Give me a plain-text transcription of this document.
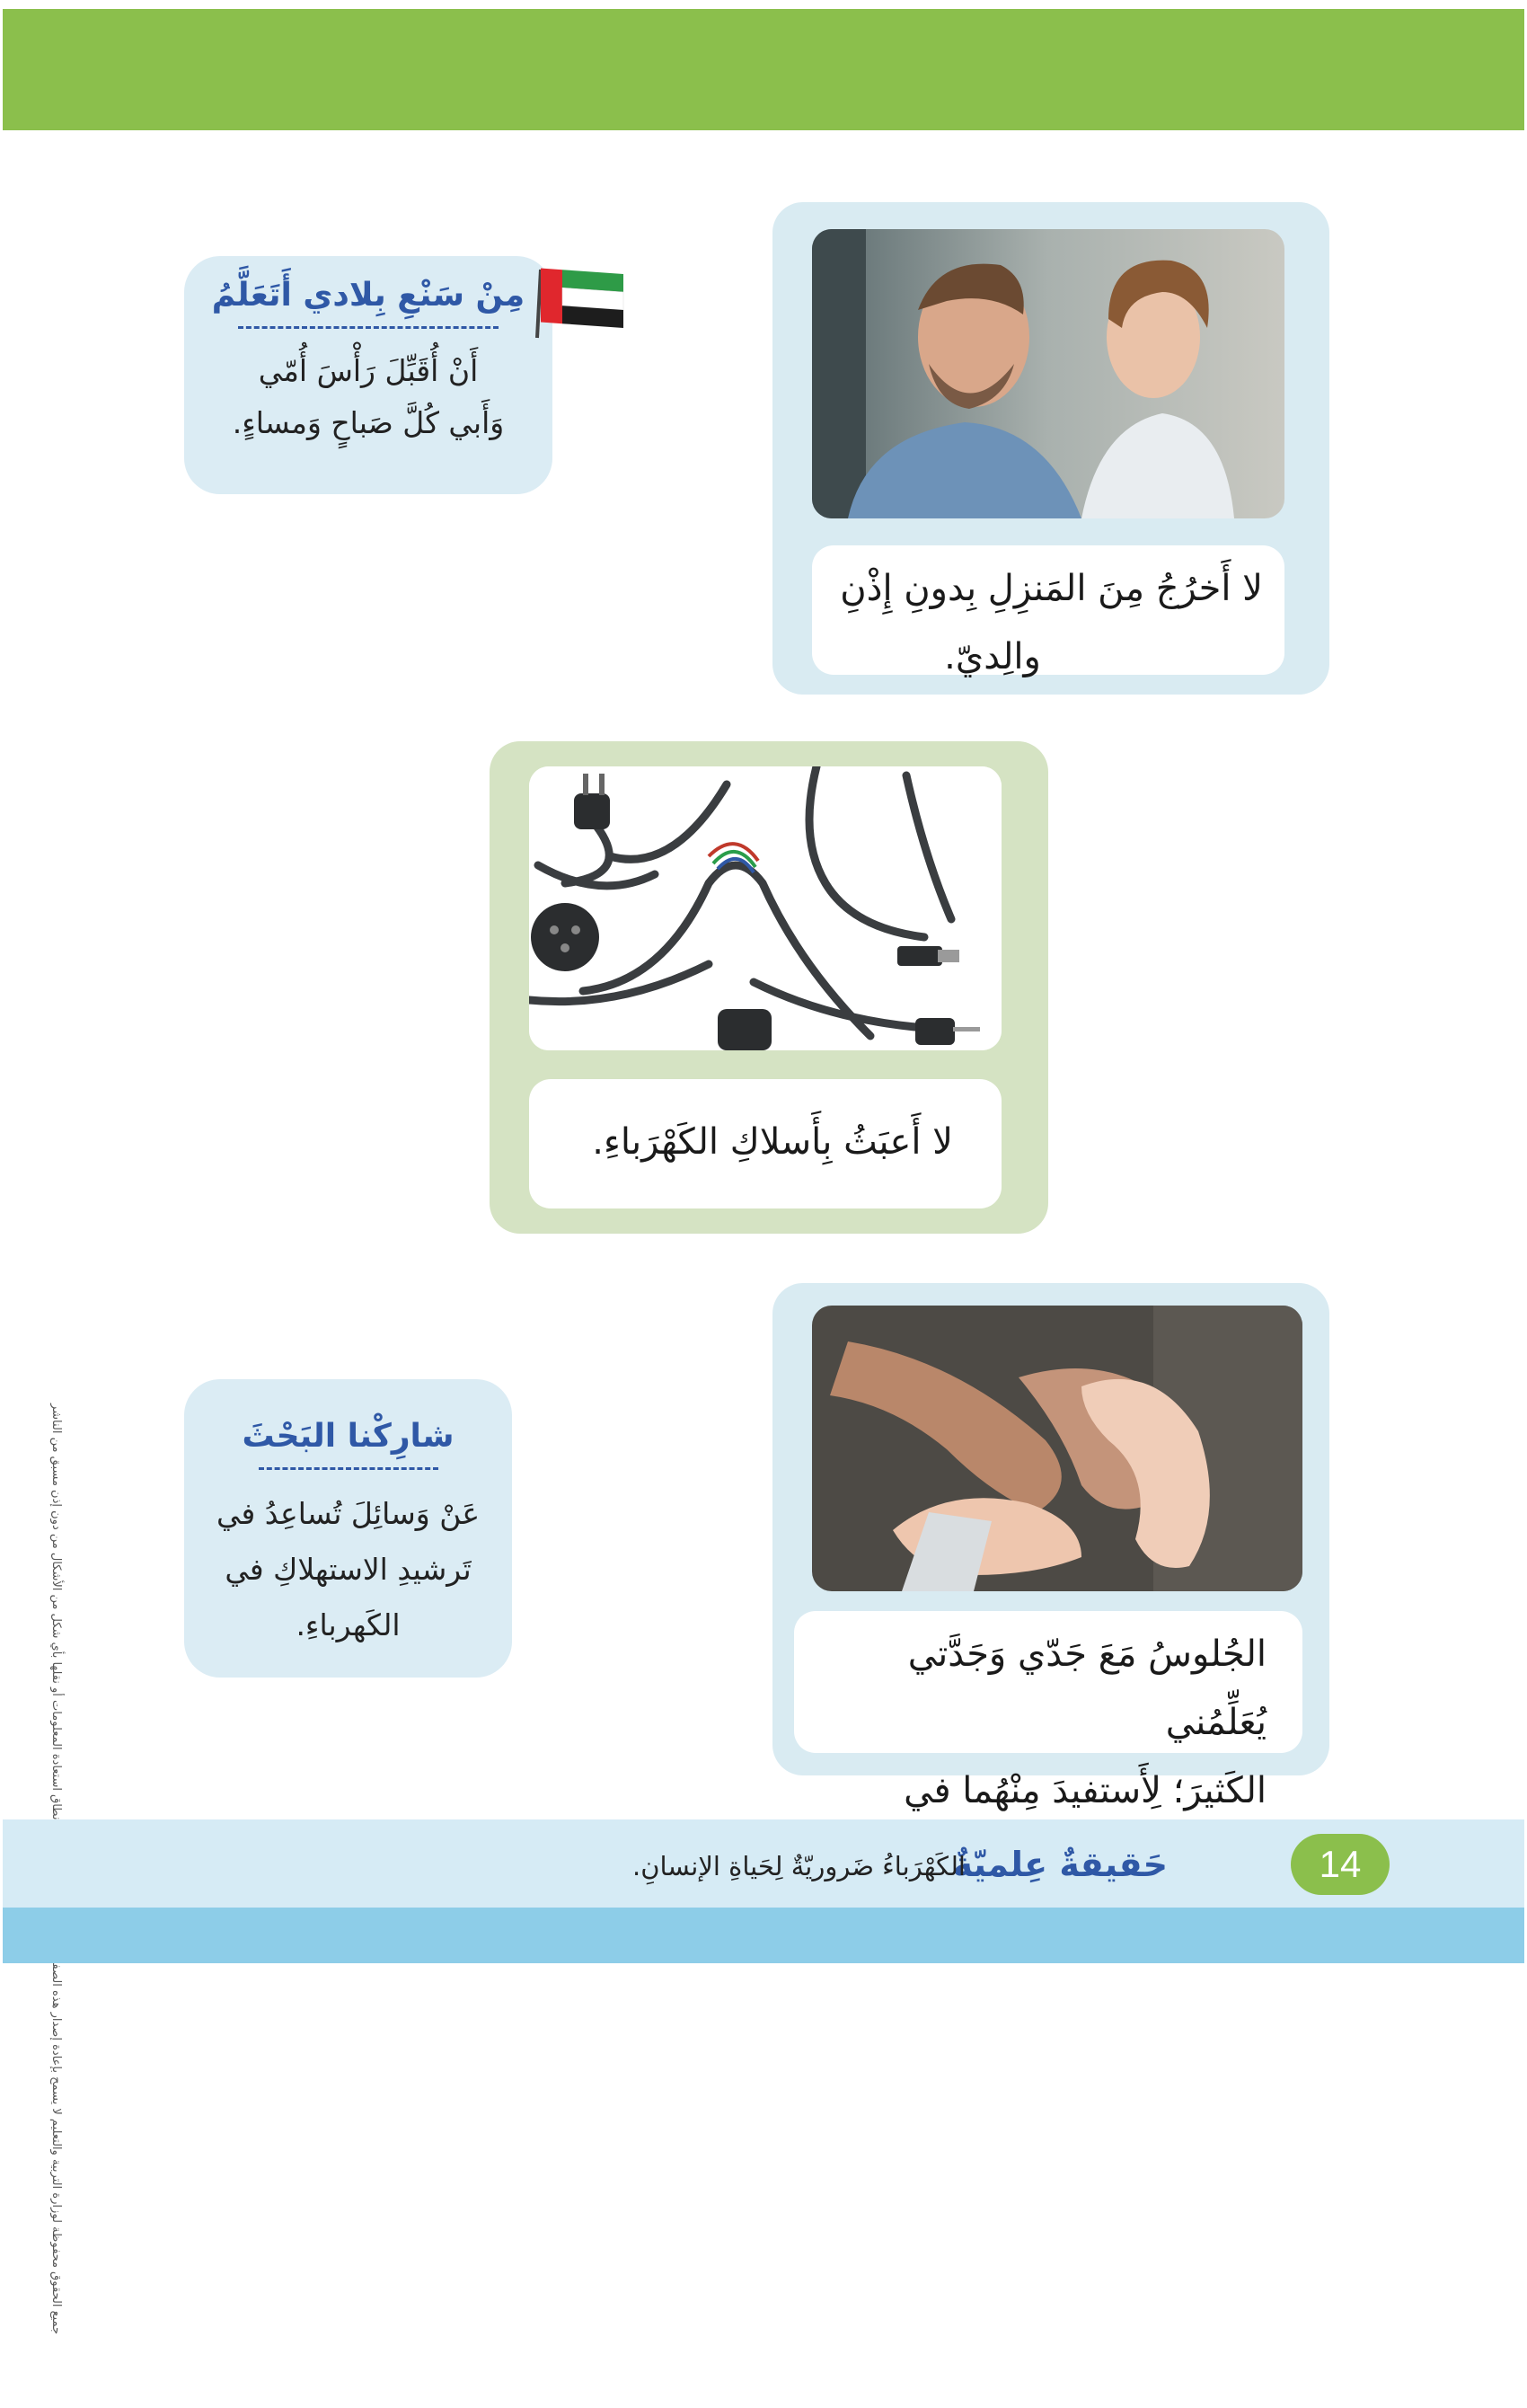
لا أَخرُجُ مِنَ المَنزِلِ بِدونِ إِذْنِ
والِديّ.
لا أَعبَثُ بِأَسلاكِ الكَهْرَباءِ.
الجُلوسُ مَعَ جَدّي وَجَدَّتي يُعَلِّمُني
الكَثيرَ؛ لِأَستفيدَ مِنْهُما في
مِنْ سَنْعِ بِلادي أَتَعَلَّمُ
أَنْ أُقَبِّلَ رَأْسَ أُمّي
وَأَبي كُلَّ صَباحٍ وَمساءٍ.
شارِكْنا البَحْثَ
عَنْ وَسائِلَ تُساعِدُ في
تَرشيدِ الاستهلاكِ في
الكَهرباءِ.
14
حَقيقةٌ عِلميّةٌ
الكَهْرَباءُ ضَروريّةٌ لِحَياةِ الإنسانِ.
